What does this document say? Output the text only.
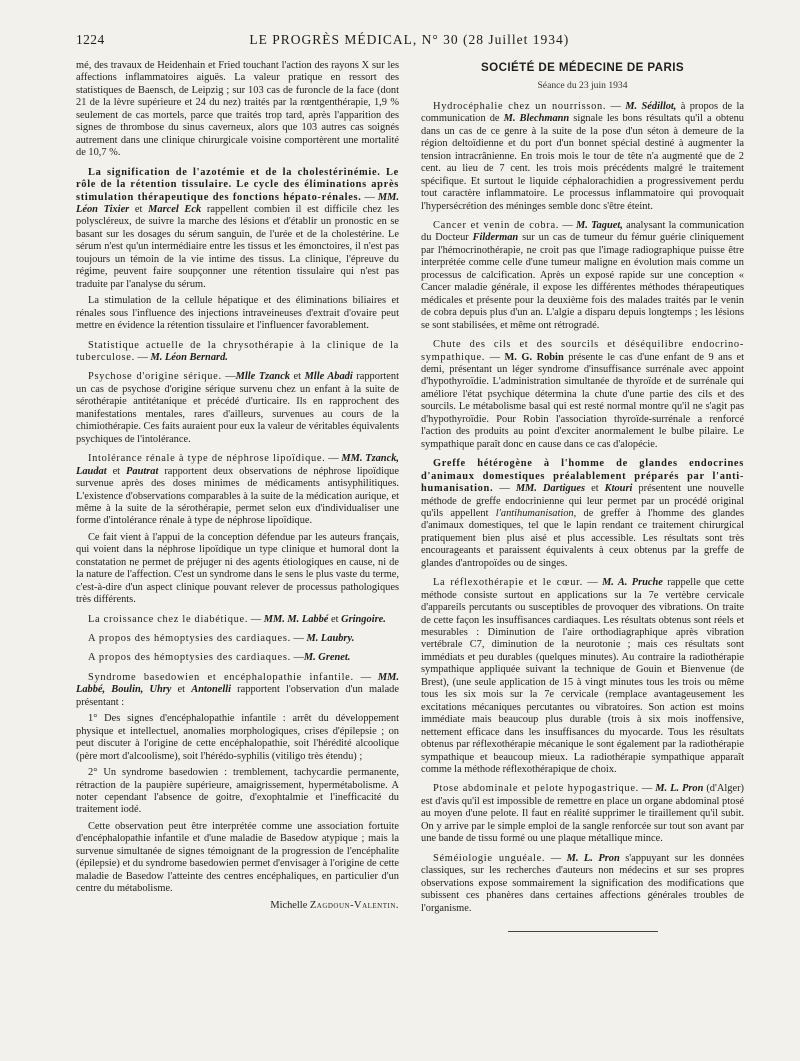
1224	LE PROGRÈS MÉDICAL, N° 30 (28 Juillet 1934)

mé, des travaux de Heidenhain et Fried touchant l'action des rayons X sur les affections inflammatoires aiguës. La valeur pratique en ressort des statistiques de Baensch, de Leipzig ; sur 103 cas de furoncle de la face (dont 21 de la lèvre supérieure et 24 du nez) traités par la rœntgenthérapie, 1,9 % seulement de cas mortels, parce que traités trop tard, après l'apparition des signes de thrombose du sinus caverneux, alors que 103 autres cas soignés autrement dans une clinique chirurgicale voisine comportèrent une mortalité de 10,7 %.

La signification de l'azotémie et de la cholestérinémie. Le rôle de la rétention tissulaire. Le cycle des éliminations après stimulation thérapeutique des fonctions hépato-rénales. — MM. Léon Tixier et Marcel Eck rappellent combien il est difficile chez les polyscléreux, de suivre la marche des lésions et d'établir un pronostic en se basant sur les dosages du sérum sanguin, de l'urée et de la cholestérine. Le sérum n'est qu'un intermédiaire entre les tissus et les émonctoires, il n'est pas toujours un témoin de la vie intime des tissus. La clinique, l'épreuve du régime, peuvent faire soupçonner une rétention tissulaire qui n'est pas traduite par l'analyse du sérum.

La stimulation de la cellule hépatique et des éliminations biliaires et rénales sous l'influence des injections intraveineuses d'extrait d'ovaire peut mettre en évidence la rétention tissulaire et l'influencer favorablement.

Statistique actuelle de la chrysothérapie à la clinique de la tuberculose. — M. Léon Bernard.

Psychose d'origine sérique. —Mlle Tzanck et Mlle Abadi rapportent un cas de psychose d'origine sérique survenu chez un enfant à la suite de sérothérapie antitétanique et précédé d'urticaire. Ils en rapprochent des manifestations mentales, rares d'ailleurs, survenues au cours de la chimiothérapie. Ces faits auraient pour eux la valeur de véritables équivalents psychiques de l'intolérance.

Intolérance rénale à type de néphrose lipoïdique. — MM. Tzanck, Laudat et Pautrat rapportent deux observations de néphrose lipoïdique survenue après des doses minimes de médicaments antisyphilitiques. L'existence d'observations comparables à la suite de la médication aurique, et même à la suite de la sérothérapie, permet selon eux d'individualiser une forme d'intolérance rénale à type de néphrose lipoïdique.

Ce fait vient à l'appui de la conception défendue par les auteurs français, qui voient dans la néphrose lipoïdique un type clinique et humoral dont la constatation ne permet de préjuger ni des agents étiologiques en cause, ni de la nature de l'affection. C'est un syndrome dans le sens le plus vaste du terme, c'est-à-dire d'un aspect clinique pouvant relever de processus pathologiques très différents.

La croissance chez le diabétique. — MM. M. Labbé et Gringoire.

A propos des hémoptysies des cardiaques. — M. Laubry.

A propos des hémoptysies des cardiaques. —M. Grenet.

Syndrome basedowien et encéphalopathie infantile. — MM. Labbé, Boulin, Uhry et Antonelli rapportent l'observation d'un malade présentant :

1° Des signes d'encéphalopathie infantile : arrêt du développement physique et intellectuel, anomalies morphologiques, crises d'épilepsie ; on peut discuter à l'origine de cette encéphalopathie, soit l'hérédité alcoolique (père mort d'alcoolisme), soit l'hérédo-syphilis (vitiligo très étendu) ;

2° Un syndrome basedowien : tremblement, tachycardie permanente, rétraction de la paupière supérieure, amaigrissement, hypermétabolisme. A noter cependant l'absence de goitre, d'exophtalmie et l'inefficacité du traitement iodé.

Cette observation peut être interprétée comme une association fortuite d'encéphalopathie infantile et d'une maladie de Basedow atypique ; mais la survenue simultanée de signes témoignant de la progression de l'encéphalite (épilepsie) et du syndrome basedowien permet d'envisager à l'origine de cette maladie de Basedow l'atteinte des centres encéphaliques, en particulier d'un centre du métabolisme.

Michelle Zagdoun-Valentin.
SOCIÉTÉ DE MÉDECINE DE PARIS
Séance du 23 juin 1934

Hydrocéphalie chez un nourrisson. — M. Sédillot, à propos de la communication de M. Blechmann signale les bons résultats qu'il a obtenu dans un cas de ce genre à la suite de la pose d'un séton à demeure de la région deltoïdienne et du port d'un bonnet spécial destiné à augmenter la tension intracrânienne. En trois mois le tour de tête n'a augmenté que de 2 cent. au lieu de 7 cent. les trois mois précédents malgré le traitement spécifique. Et surtout le liquide céphalorachidien a progressivement perdu tout caractère inflammatoire. Le processus inflammatoire qui provoquait l'hypersécrétion des méninges semble donc s'être éteint.

Cancer et venin de cobra. — M. Taguet, analysant la communication du Docteur Filderman sur un cas de tumeur du fémur guérie cliniquement par l'hémocrinothérapie, ne croit pas que l'image radiographique puisse être interprétée comme celle d'une tumeur maligne en évolution mais comme un processus de calcification. Après un exposé rapide sur une conception « Cancer maladie générale, il expose les différentes méthodes thérapeutiques médicales et présente pour la deuxième fois des malades traités par le venin de cobra depuis plus d'un an. L'algie a disparu depuis longtemps ; les lésions se sont stabilisées, et même ont rétrogradé.

Chute des cils et des sourcils et déséquilibre endocrino-sympathique. — M. G. Robin présente le cas d'une enfant de 9 ans et demi, présentant un léger syndrome d'insuffisance surrénale avec appoint d'hypothyroïdie. L'administration simultanée de thyroïde et de surrénale qui améliore l'état psychique détermina la chute d'une partie des cils et des sourcils. Le métabolisme basal qui est resté normal montre qu'il ne s'agit pas d'hypothyroïdie. Pour Robin l'association thyroïde-surrénale a renforcé l'action des produits au point d'exciter anormalement le bulbe pilaire. Le sympathique paraît donc en cause dans ce cas d'alopécie.

Greffe hétérogène à l'homme de glandes endocrines d'animaux domestiques préalablement préparés par l'anti-humanisation. — MM. Dartigues et Ktouri présentent une nouvelle méthode de greffe endocrinienne qui leur permet par un procédé original qu'ils appellent l'antihumanisation, de greffer à l'homme des glandes d'animaux domestiques, tel que le lapin rendant ce traitement chirurgical pratiquement bien plus aisé et plus accessible. Les résultats sont très encourageants et paraissent équivalents à ceux obtenus par la greffe de glandes d'antropoïdes ou de singes.

La réflexothérapie et le cœur. — M. A. Pruche rappelle que cette méthode consiste surtout en applications sur la 7e vertèbre cervicale d'appareils percutants ou susceptibles de provoquer des vibrations. On traite de cette façon les insuffisances cardiaques. Les résultats obtenus sont réels et mesurables : Diminution de l'aire orthodiagraphique après vibration vertébrale C7, diminution de la neurotonie ; mais ces résultats sont immédiats et peu durables (quelques minutes). Au contraire la radiothérapie sympathique appliquée suivant la technique de Gouin et Bienvenue (de Brest), (une seule application de 15 à vingt minutes tous les trois ou même tous les six mois sur la 7e cervicale (remplace avantageusement les excitations mécaniques percutantes ou vibratoires. Son action est moins immédiate mais beaucoup plus durable (trois à six mois inoffensive, nettement efficace dans les insuffisances du myocarde. Tous les résultats obtenus par réflexothérapie mécanique le sont également par la radiothérapie sympathique et beaucoup mieux. La radiothérapie sympathique apparaît comme la méthode réflexothérapique de choix.

Ptose abdominale et pelote hypogastrique. — M. L. Pron (d'Alger) est d'avis qu'il est impossible de remettre en place un organe abdominal ptosé au moyen d'une pelote. Il faut en réalité supprimer le tiraillement qu'il subit. On y arrive par le simple emploi de la sangle renforcée sur tout son avant par une bande de tissu formé ou une plaque métallique mince.

Séméiologie unguéale. — M. L. Pron s'appuyant sur les données classiques, sur les recherches d'auteurs non médecins et sur ses propres observations expose sommairement la signification des modifications que subissent ces phanères dans certaines affections générales troubles de l'organisme.
